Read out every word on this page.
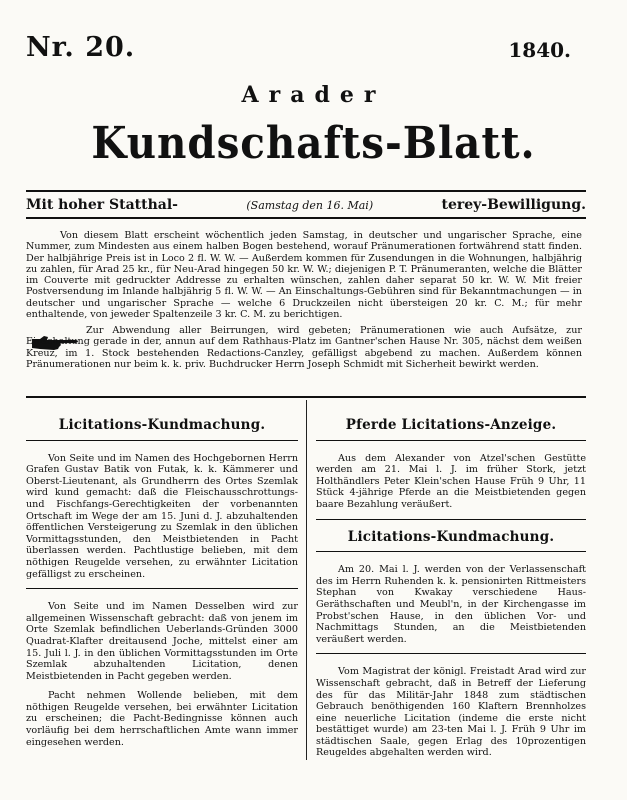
Nr. 20.	1840.
Arader
Kundschafts-Blatt.
Mit hoher Statthal-	(Samstag den 16. Mai)	terey-Bewilligung.

Von diesem Blatt erscheint wöchentlich jeden Samstag, in deutscher und ungarischer Sprache, eine Nummer, zum Mindesten aus einem halben Bogen bestehend, worauf Pränumerationen fortwährend statt finden. Der halbjährige Preis ist in Loco 2 fl. W. W. — Außerdem kommen für Zusendungen in die Wohnungen, halbjährig zu zahlen, für Arad 25 kr., für Neu-Arad hingegen 50 kr. W. W.; diejenigen P. T. Pränumeranten, welche die Blätter im Couverte mit gedruckter Addresse zu erhalten wünschen, zahlen daher separat 50 kr. W. W. Mit freier Postversendung im Inlande halbjährig 5 fl. W. W. — An Einschaltungs-Gebühren sind für Bekanntmachungen — in deutscher und ungarischer Sprache — welche 6 Druckzeilen nicht übersteigen 20 kr. C. M.; für mehr enthaltende, von jeweder Spaltenzeile 3 kr. C. M. zu berichtigen.

Zur Abwendung aller Beirrungen, wird gebeten; Pränumerationen wie auch Aufsätze, zur Einschaltung gerade in der, annun auf dem Rathhaus-Platz im Gantner'schen Hause Nr. 305, nächst dem weißen Kreuz, im 1. Stock bestehenden Redactions-Canzley, gefälligst abgebend zu machen. Außerdem können Pränumerationen nur beim k. k. priv. Buchdrucker Herrn Joseph Schmidt mit Sicherheit bewirkt werden.

Licitations-Kundmachung.

Von Seite und im Namen des Hochgebornen Herrn Grafen Gustav Batik von Futak, k. k. Kämmerer und Oberst-Lieutenant, als Grundherrn des Ortes Szemlak wird kund gemacht: daß die Fleischausschrottungs- und Fischfangs-Gerechtigkeiten der vorbenannten Ortschaft im Wege der am 15. Juni d. J. abzuhaltenden öffentlichen Versteigerung zu Szemlak in den üblichen Vormittagsstunden, den Meistbietenden in Pacht überlassen werden. Pachtlustige belieben, mit dem nöthigen Reugelde versehen, zu erwähnter Licitation gefälligst zu erscheinen.

Von Seite und im Namen Desselben wird zur allgemeinen Wissenschaft gebracht: daß von jenem im Orte Szemlak befindlichen Ueberlands-Gründen 3000 Quadrat-Klafter dreitausend Joche, mittelst einer am 15. Juli l. J. in den üblichen Vormittagsstunden im Orte Szemlak abzuhaltenden Licitation, denen Meistbietenden in Pacht gegeben werden.

Pacht nehmen Wollende belieben, mit dem nöthigen Reugelde versehen, bei erwähnter Licitation zu erscheinen; die Pacht-Bedingnisse können auch vorläufig bei dem herrschaftlichen Amte wann immer eingesehen werden.

Pferde Licitations-Anzeige.

Aus dem Alexander von Atzel'schen Gestütte werden am 21. Mai l. J. im früher Stork, jetzt Holthändlers Peter Klein'schen Hause Früh 9 Uhr, 11 Stück 4-jährige Pferde an die Meistbietenden gegen baare Bezahlung veräußert.

Licitations-Kundmachung.

Am 20. Mai l. J. werden von der Verlassenschaft des im Herrn Ruhenden k. k. pensionirten Rittmeisters Stephan von Kwakay verschiedene Haus-Geräthschaften und Meubl'n, in der Kirchengasse im Probst'schen Hause, in den üblichen Vor- und Nachmittags Stunden, an die Meistbietenden veräußert werden.

Vom Magistrat der königl. Freistadt Arad wird zur Wissenschaft gebracht, daß in Betreff der Lieferung des für das Militär-Jahr 1848 zum städtischen Gebrauch benöthigenden 160 Klaftern Brennholzes eine neuerliche Licitation (indeme die erste nicht bestättiget wurde) am 23-ten Mai l. J. Früh 9 Uhr im städtischen Saale, gegen Erlag des 10prozentigen Reugeldes abgehalten werden wird.
